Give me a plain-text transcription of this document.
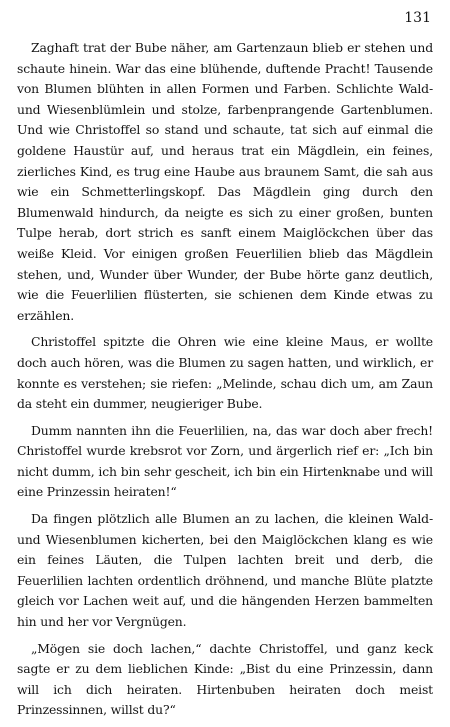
131

Zaghaft trat der Bube näher, am Gartenzaun blieb er stehen und schaute hinein. War das eine blühende, duftende Pracht! Tausende von Blumen blühten in allen Formen und Farben. Schlichte Wald- und Wiesenblümlein und stolze, farbenprangende Gartenblumen. Und wie Christoffel so stand und schaute, tat sich auf einmal die goldene Haustür auf, und heraus trat ein Mägdlein, ein feines, zierliches Kind, es trug eine Haube aus braunem Samt, die sah aus wie ein Schmetterlingskopf. Das Mägdlein ging durch den Blumenwald hindurch, da neigte es sich zu einer großen, bunten Tulpe herab, dort strich es sanft einem Maiglöckchen über das weiße Kleid. Vor einigen großen Feuerlilien blieb das Mägdlein stehen, und, Wunder über Wunder, der Bube hörte ganz deutlich, wie die Feuerlilien flüsterten, sie schienen dem Kinde etwas zu erzählen.

Christoffel spitzte die Ohren wie eine kleine Maus, er wollte doch auch hören, was die Blumen zu sagen hatten, und wirklich, er konnte es verstehen; sie riefen: „Melinde, schau dich um, am Zaun da steht ein dummer, neugieriger Bube.

Dumm nannten ihn die Feuerlilien, na, das war doch aber frech! Christoffel wurde krebsrot vor Zorn, und ärgerlich rief er: „Ich bin nicht dumm, ich bin sehr gescheit, ich bin ein Hirtenknabe und will eine Prinzessin heiraten!“

Da fingen plötzlich alle Blumen an zu lachen, die kleinen Wald- und Wiesenblumen kicherten, bei den Maiglöckchen klang es wie ein feines Läuten, die Tulpen lachten breit und derb, die Feuerlilien lachten ordentlich dröhnend, und manche Blüte platzte gleich vor Lachen weit auf, und die hängenden Herzen bammelten hin und her vor Vergnügen.

„Mögen sie doch lachen,“ dachte Christoffel, und ganz keck sagte er zu dem lieblichen Kinde: „Bist du eine Prinzessin, dann will ich dich heiraten. Hirtenbuben heiraten doch meist Prinzessinnen, willst du?“
